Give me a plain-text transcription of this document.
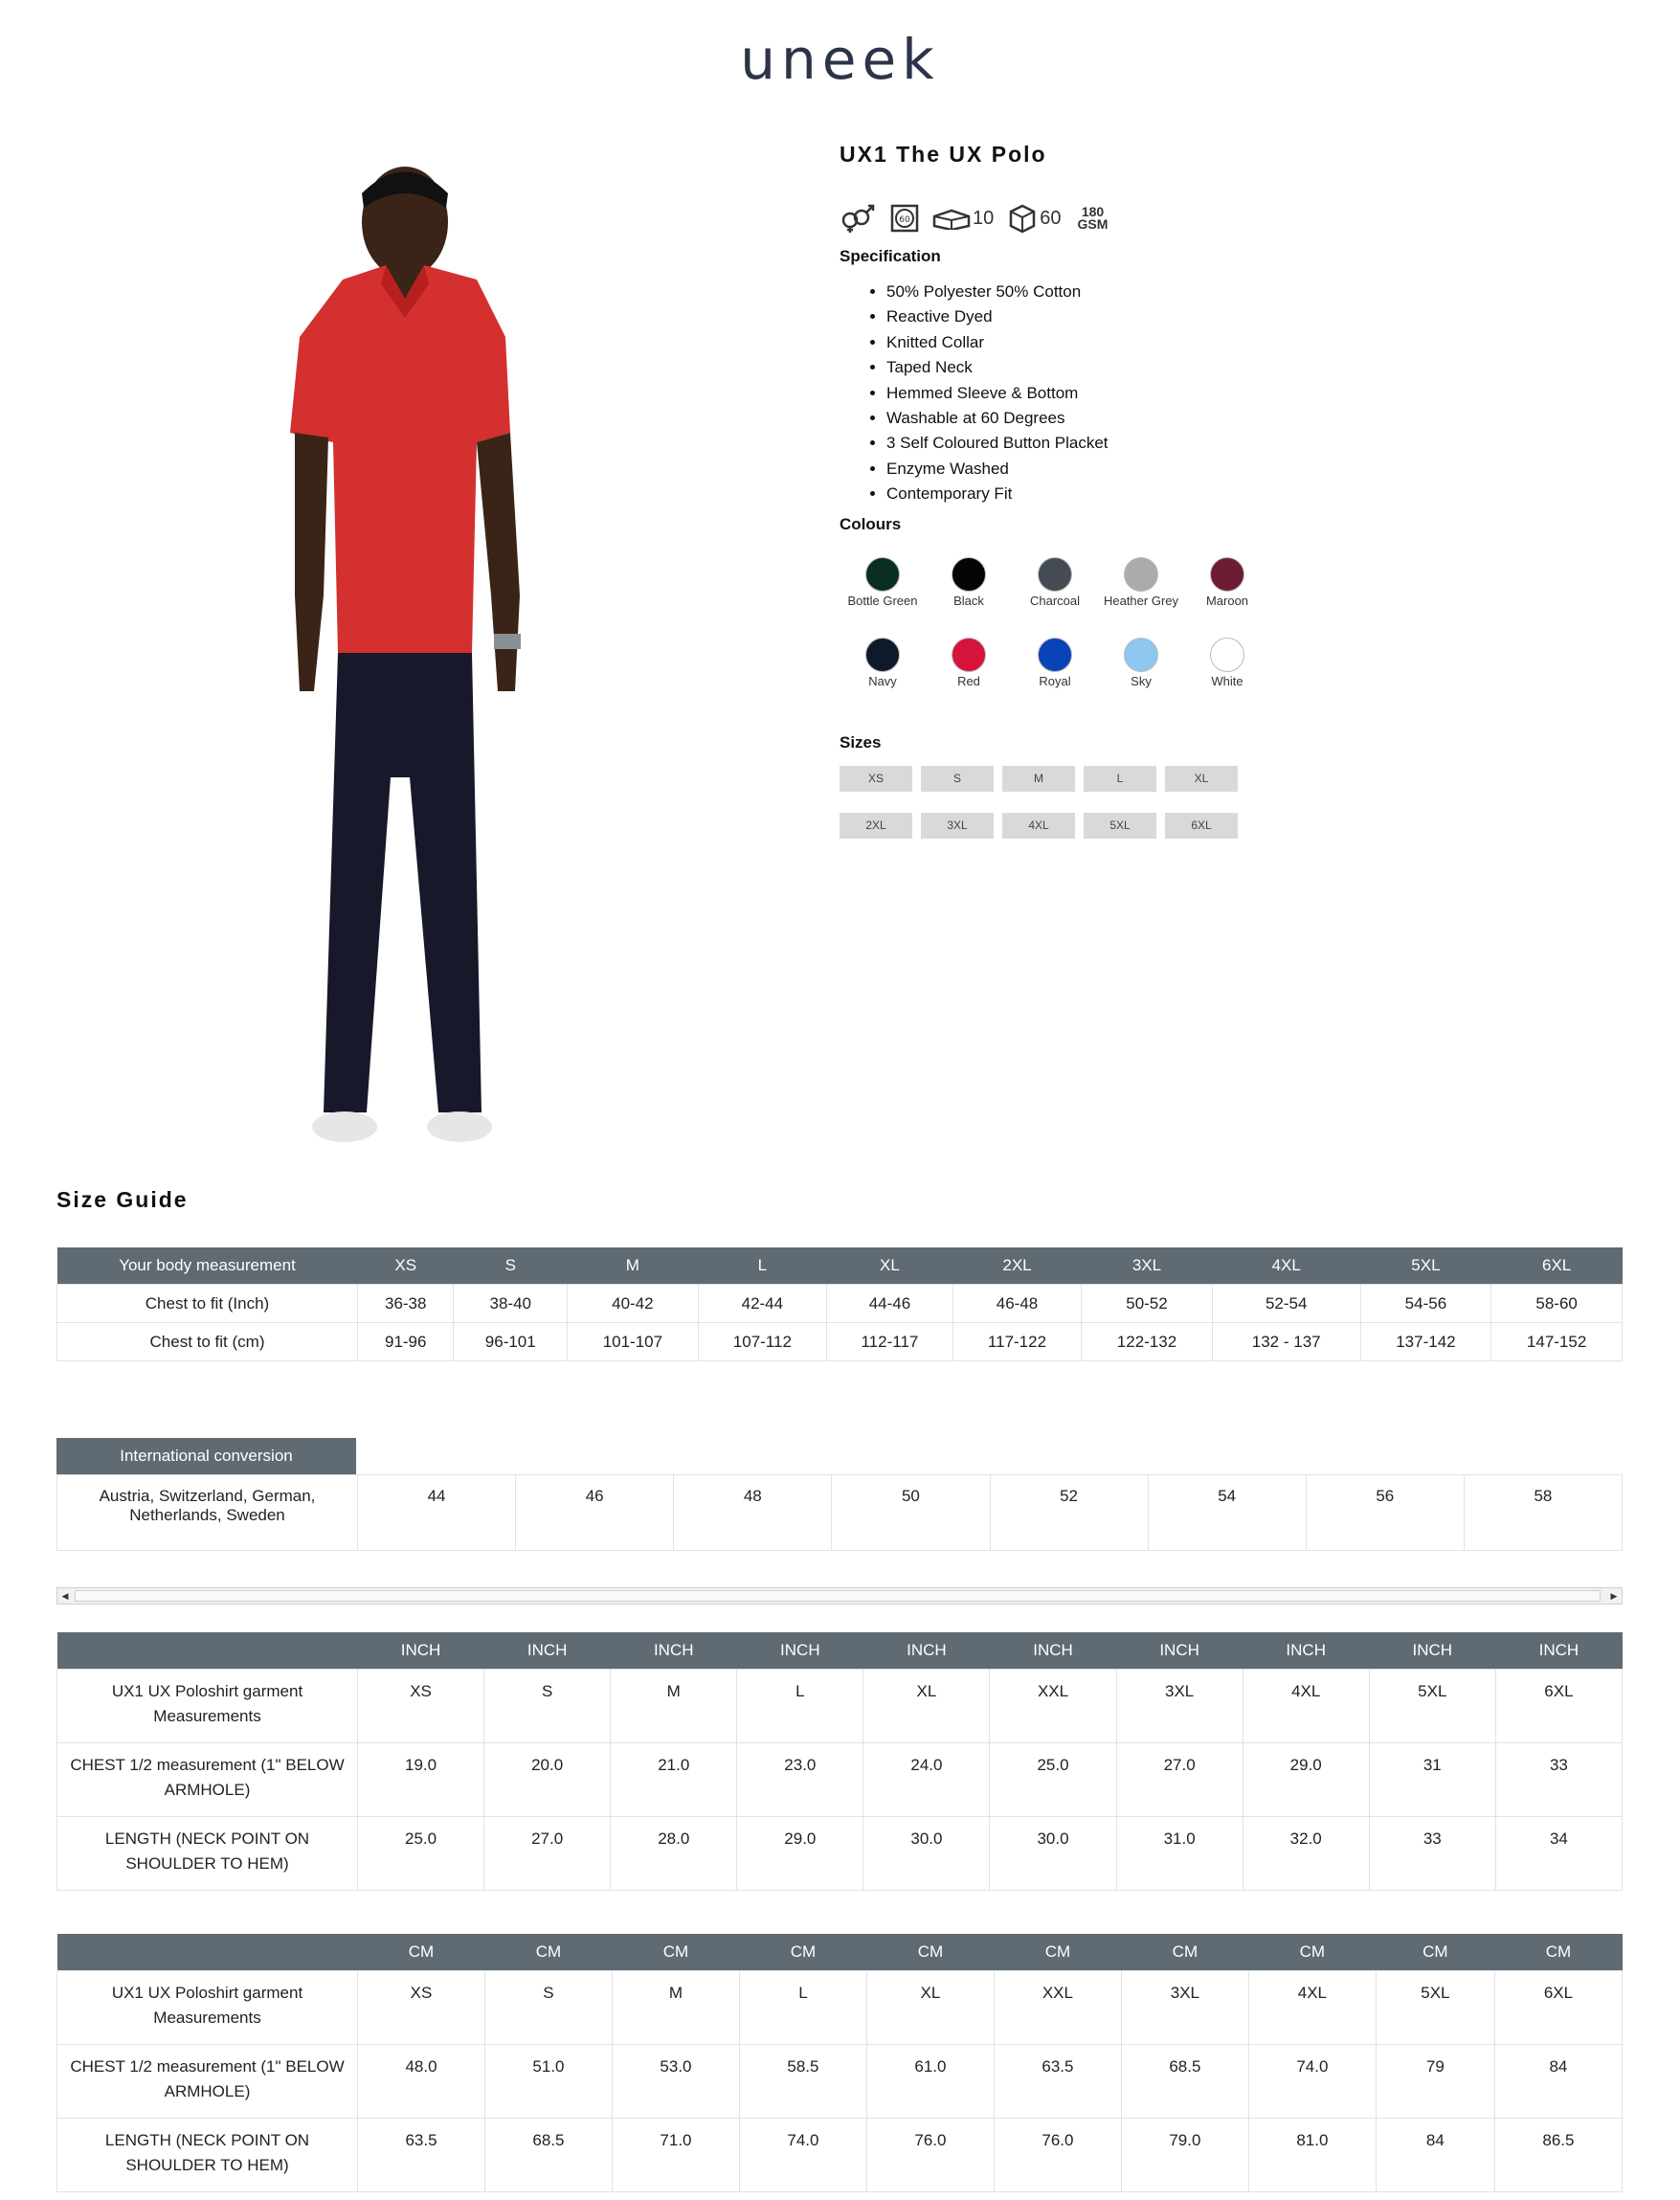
uneek
UX1 The UX Polo
60	10 60	180 GSM
Specification
• 50% Polyester 50% Cotton
• Reactive Dyed
• Knitted Collar
• Taped Neck
• Hemmed Sleeve & Bottom
• Washable at 60 Degrees
• 3 Self Coloured Button Placket
• Enzyme Washed
• Contemporary Fit
Colours
Bottle Green	Black	Charcoal	Heather Grey	Maroon
Navy	Red	Royal	Sky	White
Sizes
XS	S	M	L	XL
2XL	3XL	4XL	5XL	6XL
Size Guide
Your body measurement	XS	S	M	L	XL	2XL	3XL	4XL	5XL	6XL
Chest to fit (Inch)	36-38	38-40	40-42	42-44	44-46	46-48	50-52	52-54	54-56	58-60
Chest to fit (cm)	91-96	96-101	101-107	107-112	112-117	117-122	122-132	132 - 137	137-142	147-152
International conversion
Austria, Switzerland, German, Netherlands, Sweden	44	46	48	50	52	54	56	58
◀	▶
	INCH	INCH	INCH	INCH	INCH	INCH	INCH	INCH	INCH	INCH
UX1 UX Poloshirt garment Measurements	XS	S	M	L	XL	XXL	3XL	4XL	5XL	6XL
CHEST 1/2 measurement (1" BELOW ARMHOLE)	19.0	20.0	21.0	23.0	24.0	25.0	27.0	29.0	31	33
LENGTH (NECK POINT ON SHOULDER TO HEM)	25.0	27.0	28.0	29.0	30.0	30.0	31.0	32.0	33	34
	CM	CM	CM	CM	CM	CM	CM	CM	CM	CM
UX1 UX Poloshirt garment Measurements	XS	S	M	L	XL	XXL	3XL	4XL	5XL	6XL
CHEST 1/2 measurement (1" BELOW ARMHOLE)	48.0	51.0	53.0	58.5	61.0	63.5	68.5	74.0	79	84
LENGTH (NECK POINT ON SHOULDER TO HEM)	63.5	68.5	71.0	74.0	76.0	76.0	79.0	81.0	84	86.5
